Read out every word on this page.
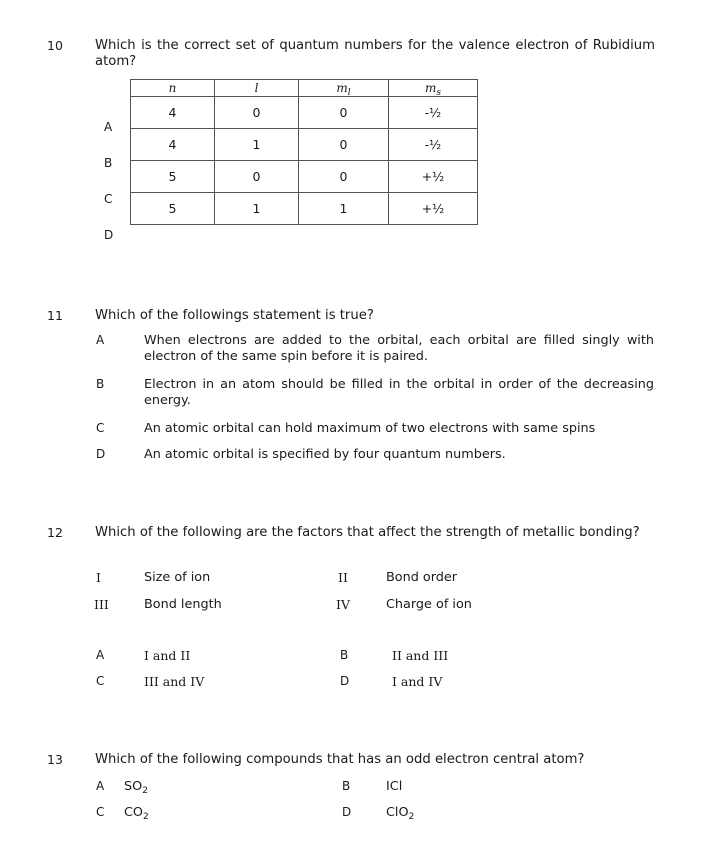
10 Which is the correct set of quantum numbers for the valence electron of Rubidium atom?
n	l	$m_l$	$m_s$
4	0	0	-½
4	1	0	-½
5	0	0	+½
5	1	1	+½
A
B
C
D
11 Which of the followings statement is true?
A	When electrons are added to the orbital, each orbital are filled singly with electron of the same spin before it is paired.
B	Electron in an atom should be filled in the orbital in order of the decreasing energy.
C	An atomic orbital can hold maximum of two electrons with same spins
D	An atomic orbital is specified by four quantum numbers.
12 Which of the following are the factors that affect the strength of metallic bonding?
I	Size of ion	II	Bond order
III	Bond length	IV	Charge of ion
A	I and II	B	II and III
C	III and IV	D	I and IV
13 Which of the following compounds that has an odd electron central atom?
A $SO_2$	B	ICl
C $CO_2$	D	ClO$_2$
